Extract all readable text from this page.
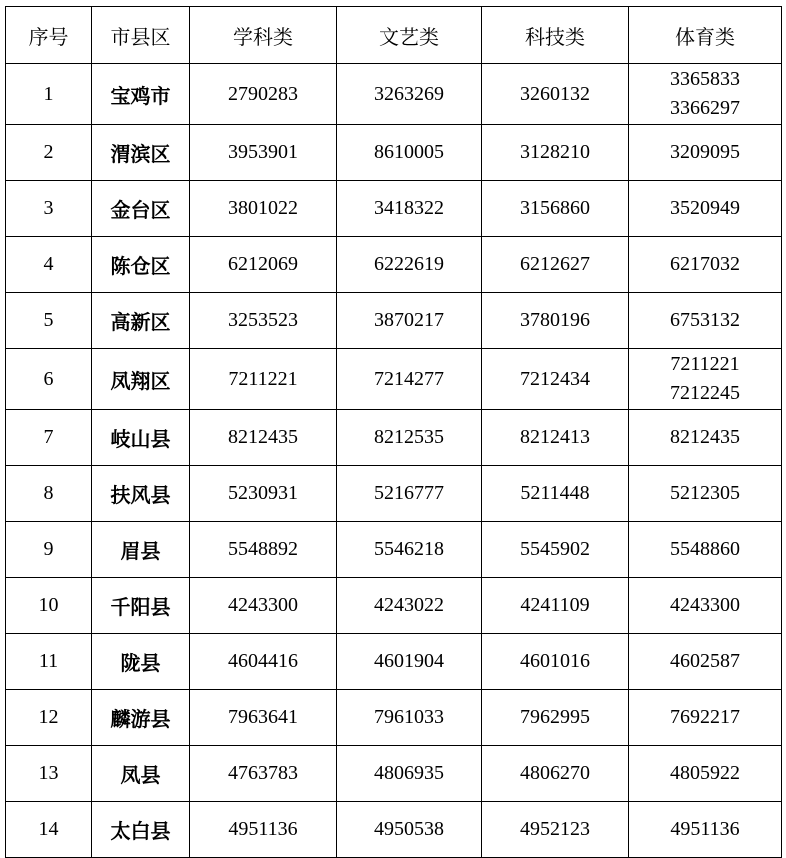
序号	市县区	学科类	文艺类	科技类	体育类
1	宝鸡市	2790283	3263269	3260132	3365833
3366297

2	渭滨区	3953901	8610005	3128210	3209095

3	金台区	3801022	3418322	3156860	3520949

4	陈仓区	6212069	6222619	6212627	6217032

5	高新区	3253523	3870217	3780196	6753132

6	凤翔区	7211221	7214277	7212434	7211221
7212245

7	岐山县	8212435	8212535	8212413	8212435

8	扶风县	5230931	5216777	5211448	5212305

9	眉县	5548892	5546218	5545902	5548860

10	千阳县	4243300	4243022	4241109	4243300

11	陇县	4604416	4601904	4601016	4602587

12	麟游县	7963641	7961033	7962995	7692217

13	凤县	4763783	4806935	4806270	4805922

14	太白县	4951136	4950538	4952123	4951136
